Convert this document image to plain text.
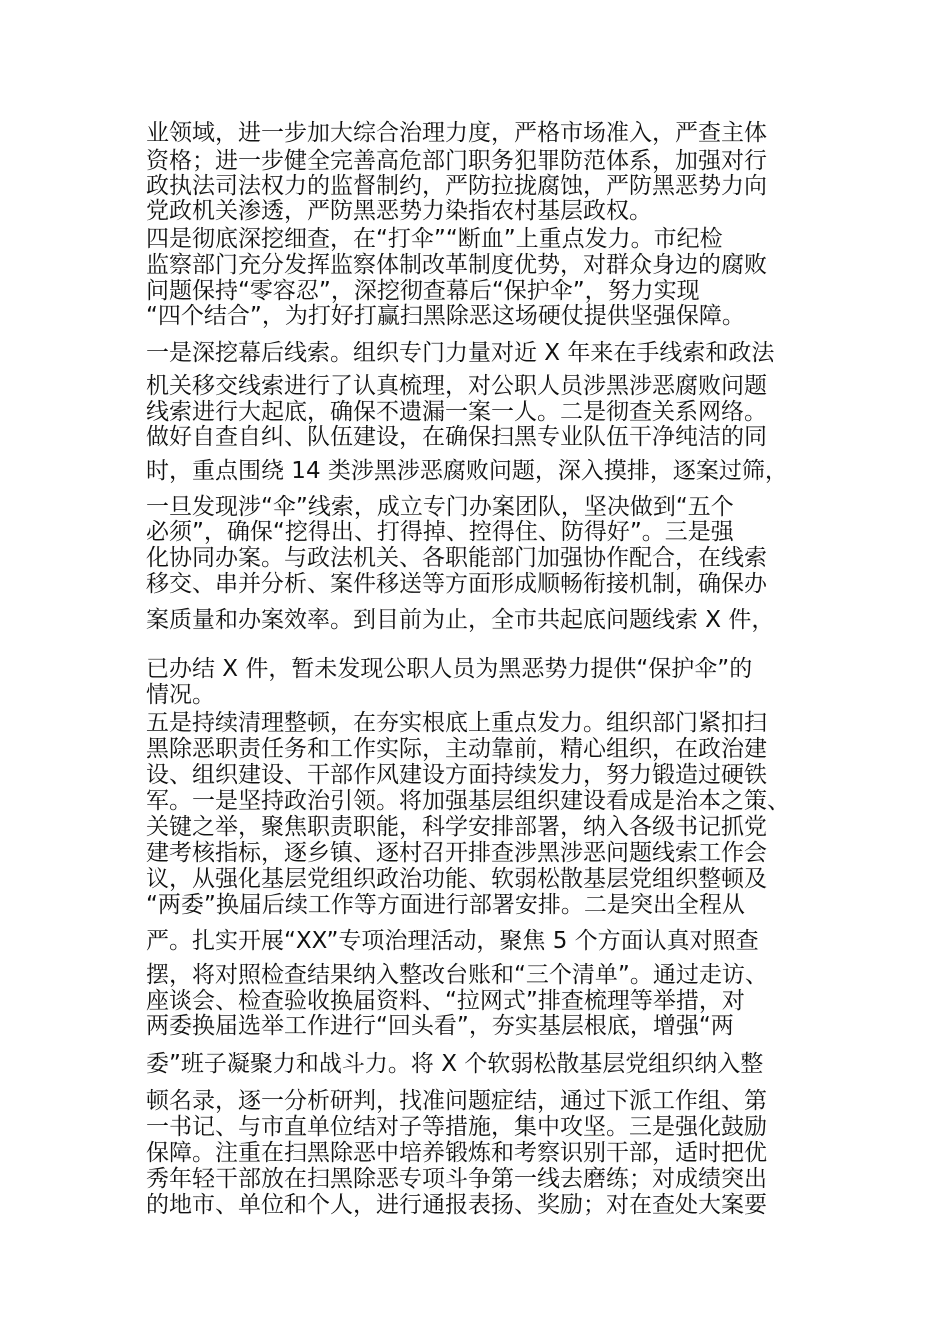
业领域，进一步加大综合治理力度，严格市场准入，严查主体
资格；进一步健全完善高危部门职务犯罪防范体系，加强对行
政执法司法权力的监督制约，严防拉拢腐蚀，严防黑恶势力向
党政机关渗透，严防黑恶势力染指农村基层政权。
四是彻底深挖细查，在“打伞”“断血”上重点发力。市纪检
监察部门充分发挥监察体制改革制度优势，对群众身边的腐败
问题保持“零容忍”，深挖彻查幕后“保护伞”，努力实现
“四个结合”，为打好打赢扫黑除恶这场硬仗提供坚强保障。
一是深挖幕后线索。组织专门力量对近 X 年来在手线索和政法
机关移交线索进行了认真梳理，对公职人员涉黑涉恶腐败问题
线索进行大起底，确保不遗漏一案一人。二是彻查关系网络。
做好自查自纠、队伍建设，在确保扫黑专业队伍干净纯洁的同
时，重点围绕 14 类涉黑涉恶腐败问题，深入摸排，逐案过筛，
一旦发现涉“伞”线索，成立专门办案团队，坚决做到“五个
必须”，确保“挖得出、打得掉、控得住、防得好”。三是强
化协同办案。与政法机关、各职能部门加强协作配合，在线索
移交、串并分析、案件移送等方面形成顺畅衔接机制，确保办
案质量和办案效率。到目前为止，全市共起底问题线索 X 件，
已办结 X 件，暂未发现公职人员为黑恶势力提供“保护伞”的
情况。
五是持续清理整顿，在夯实根底上重点发力。组织部门紧扣扫
黑除恶职责任务和工作实际，主动靠前，精心组织，在政治建
设、组织建设、干部作风建设方面持续发力，努力锻造过硬铁
军。一是坚持政治引领。将加强基层组织建设看成是治本之策、
关键之举，聚焦职责职能，科学安排部署，纳入各级书记抓党
建考核指标，逐乡镇、逐村召开排查涉黑涉恶问题线索工作会
议，从强化基层党组织政治功能、软弱松散基层党组织整顿及
“两委”换届后续工作等方面进行部署安排。二是突出全程从
严。扎实开展“XX”专项治理活动，聚焦 5 个方面认真对照查
摆，将对照检查结果纳入整改台账和“三个清单”。通过走访、
座谈会、检查验收换届资料、“拉网式”排查梳理等举措，对
两委换届选举工作进行“回头看”，夯实基层根底，增强“两
委”班子凝聚力和战斗力。将 X 个软弱松散基层党组织纳入整
顿名录，逐一分析研判，找准问题症结，通过下派工作组、第
一书记、与市直单位结对子等措施，集中攻坚。三是强化鼓励
保障。注重在扫黑除恶中培养锻炼和考察识别干部，适时把优
秀年轻干部放在扫黑除恶专项斗争第一线去磨练；对成绩突出
的地市、单位和个人，进行通报表扬、奖励；对在查处大案要
